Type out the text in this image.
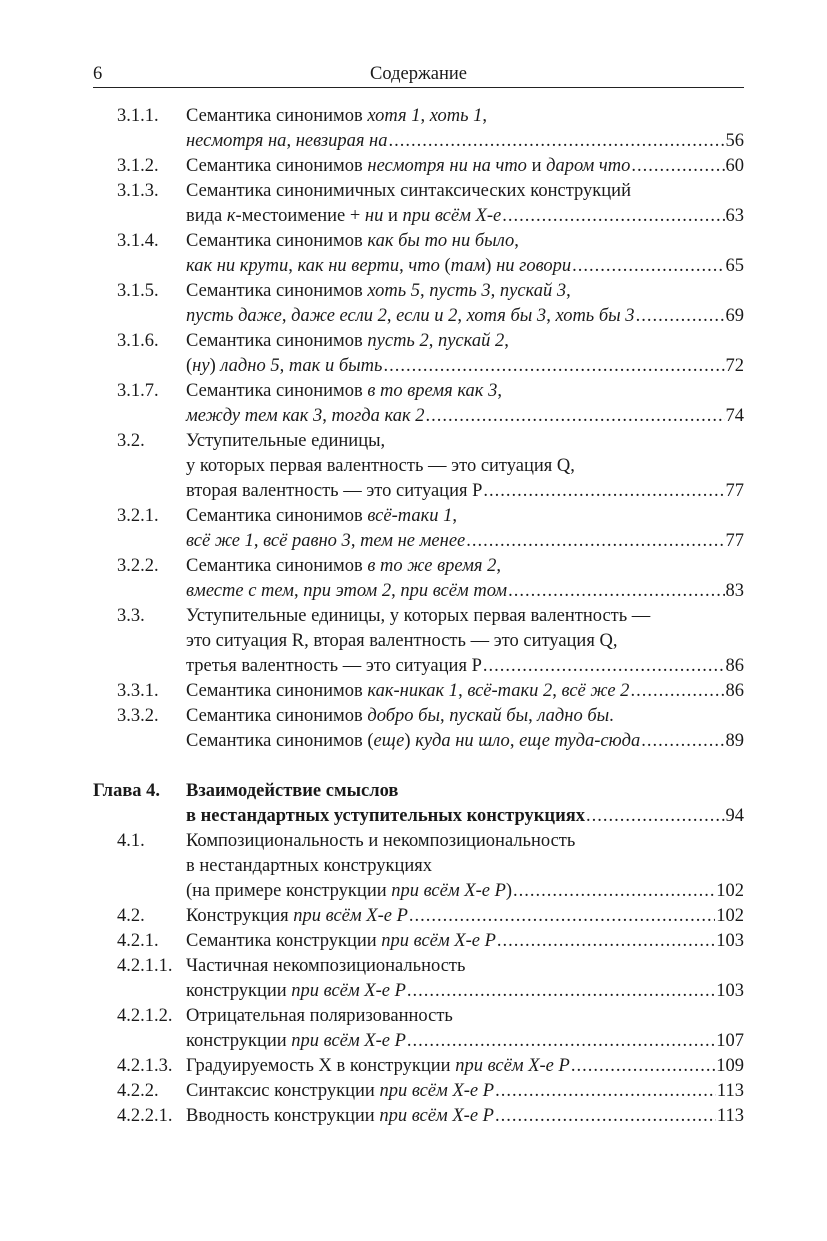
6	Содержание
3.1.1. Семантика синонимов хотя 1, хоть 1,
несмотря на, невзирая на .....	56
3.1.2. Семантика синонимов несмотря ни на что и даром что .....	60
3.1.3. Семантика синонимичных синтаксических конструкций
вида к-местоимение + ни и при всём Х-е .....	63
3.1.4. Семантика синонимов как бы то ни было,
как ни крути, как ни верти, что (там) ни говори .....	65
3.1.5. Семантика синонимов хоть 5, пусть 3, пускай 3,
пусть даже, даже если 2, если и 2, хотя бы 3, хоть бы 3 .....	69
3.1.6. Семантика синонимов пусть 2, пускай 2,
(ну) ладно 5, так и быть .....	72
3.1.7. Семантика синонимов в то время как 3,
между тем как 3, тогда как 2 .....	74
3.2. Уступительные единицы,
у которых первая валентность — это ситуация Q,
вторая валентность — это ситуация P .....	77
3.2.1. Семантика синонимов всё-таки 1,
всё же 1, всё равно 3, тем не менее .....	77
3.2.2. Семантика синонимов в то же время 2,
вместе с тем, при этом 2, при всём том .....	83
3.3. Уступительные единицы, у которых первая валентность —
это ситуация R, вторая валентность — это ситуация Q,
третья валентность — это ситуация P .....	86
3.3.1. Семантика синонимов как-никак 1, всё-таки 2, всё же 2 .....	86
3.3.2. Семантика синонимов добро бы, пускай бы, ладно бы.
Семантика синонимов (еще) куда ни шло, еще туда-сюда .....	89
Глава 4. Взаимодействие смыслов
в нестандартных уступительных конструкциях .....	94
4.1. Композициональность и некомпозициональность
в нестандартных конструкциях
(на примере конструкции при всём Х-е P) .....	102
4.2. Конструкция при всём Х-е P .....	102
4.2.1. Семантика конструкции при всём Х-е P .....	103
4.2.1.1. Частичная некомпозициональность
конструкции при всём Х-е P .....	103
4.2.1.2. Отрицательная поляризованность
конструкции при всём Х-е P .....	107
4.2.1.3. Градуируемость X в конструкции при всём Х-е P .....	109
4.2.2. Синтаксис конструкции при всём Х-е P .....	113
4.2.2.1. Вводность конструкции при всём Х-е P .....	113
